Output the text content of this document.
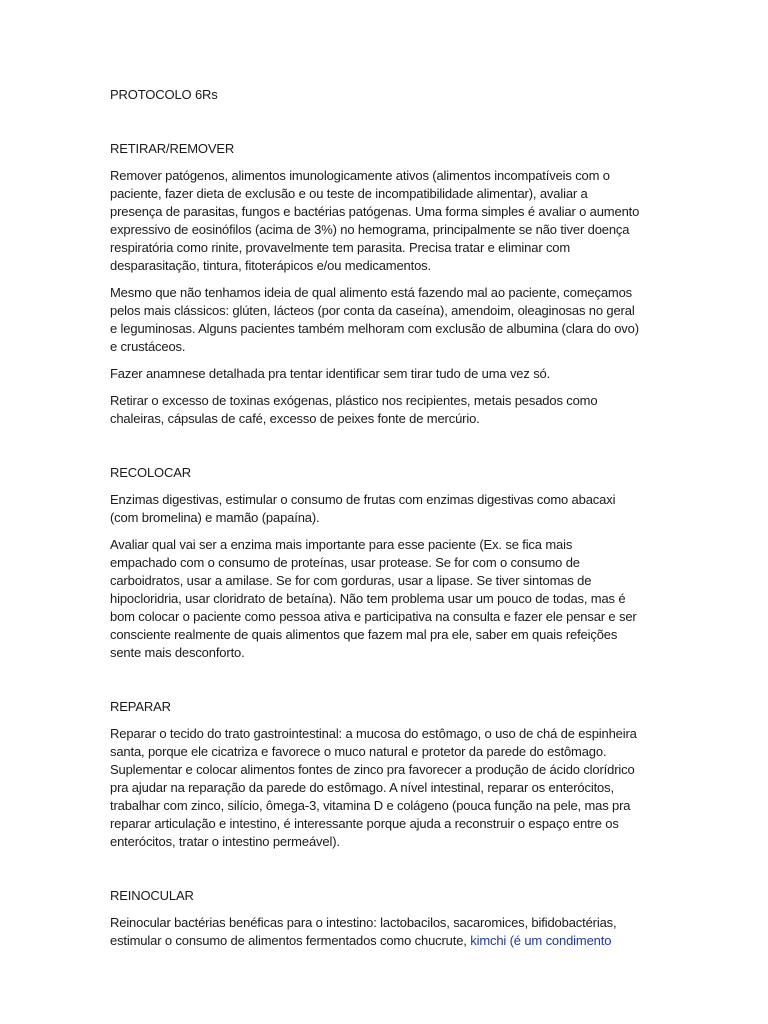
PROTOCOLO 6Rs

RETIRAR/REMOVER

Remover patógenos, alimentos imunologicamente ativos (alimentos incompatíveis com o paciente, fazer dieta de exclusão e ou teste de incompatibilidade alimentar), avaliar a presença de parasitas, fungos e bactérias patógenas. Uma forma simples é avaliar o aumento expressivo de eosinófilos (acima de 3%) no hemograma, principalmente se não tiver doença respiratória como rinite, provavelmente tem parasita. Precisa tratar e eliminar com desparasitação, tintura, fitoterápicos e/ou medicamentos.

Mesmo que não tenhamos ideia de qual alimento está fazendo mal ao paciente, começamos pelos mais clássicos: glúten, lácteos (por conta da caseína), amendoim, oleaginosas no geral e leguminosas. Alguns pacientes também melhoram com exclusão de albumina (clara do ovo) e crustáceos.

Fazer anamnese detalhada pra tentar identificar sem tirar tudo de uma vez só.

Retirar o excesso de toxinas exógenas, plástico nos recipientes, metais pesados como chaleiras, cápsulas de café, excesso de peixes fonte de mercúrio.

RECOLOCAR

Enzimas digestivas, estimular o consumo de frutas com enzimas digestivas como abacaxi (com bromelina) e mamão (papaína).

Avaliar qual vai ser a enzima mais importante para esse paciente (Ex. se fica mais empachado com o consumo de proteínas, usar protease. Se for com o consumo de carboidratos, usar a amilase. Se for com gorduras, usar a lipase. Se tiver sintomas de hipocloridria, usar cloridrato de betaína). Não tem problema usar um pouco de todas, mas é bom colocar o paciente como pessoa ativa e participativa na consulta e fazer ele pensar e ser consciente realmente de quais alimentos que fazem mal pra ele, saber em quais refeições sente mais desconforto.

REPARAR

Reparar o tecido do trato gastrointestinal: a mucosa do estômago, o uso de chá de espinheira santa, porque ele cicatriza e favorece o muco natural e protetor da parede do estômago. Suplementar e colocar alimentos fontes de zinco pra favorecer a produção de ácido clorídrico pra ajudar na reparação da parede do estômago. A nível intestinal, reparar os enterócitos, trabalhar com zinco, silício, ômega-3, vitamina D e colágeno (pouca função na pele, mas pra reparar articulação e intestino, é interessante porque ajuda a reconstruir o espaço entre os enterócitos, tratar o intestino permeável).

REINOCULAR

Reinocular bactérias benéficas para o intestino: lactobacilos, sacaromices, bifidobactérias, estimular o consumo de alimentos fermentados como chucrute, kimchi (é um condimento
